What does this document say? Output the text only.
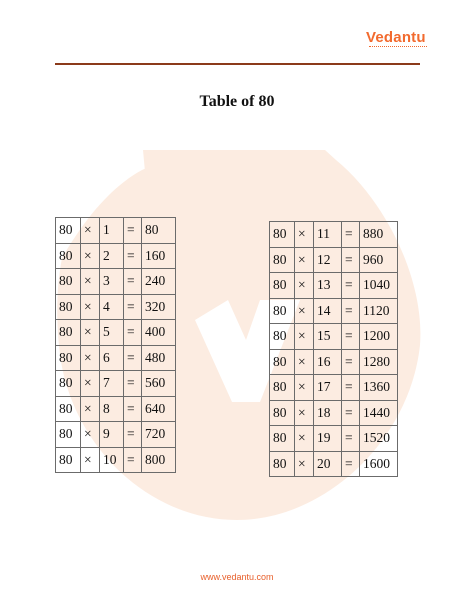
Vedantu
Table of 80
80	×	1	=	80
80	×	2	=	160
80	×	3	=	240
80	×	4	=	320
80	×	5	=	400
80	×	6	=	480
80	×	7	=	560
80	×	8	=	640
80	×	9	=	720
80	×	10	=	800
80	×	11	=	880
80	×	12	=	960
80	×	13	=	1040
80	×	14	=	1120
80	×	15	=	1200
80	×	16	=	1280
80	×	17	=	1360
80	×	18	=	1440
80	×	19	=	1520
80	×	20	=	1600
www.vedantu.com
